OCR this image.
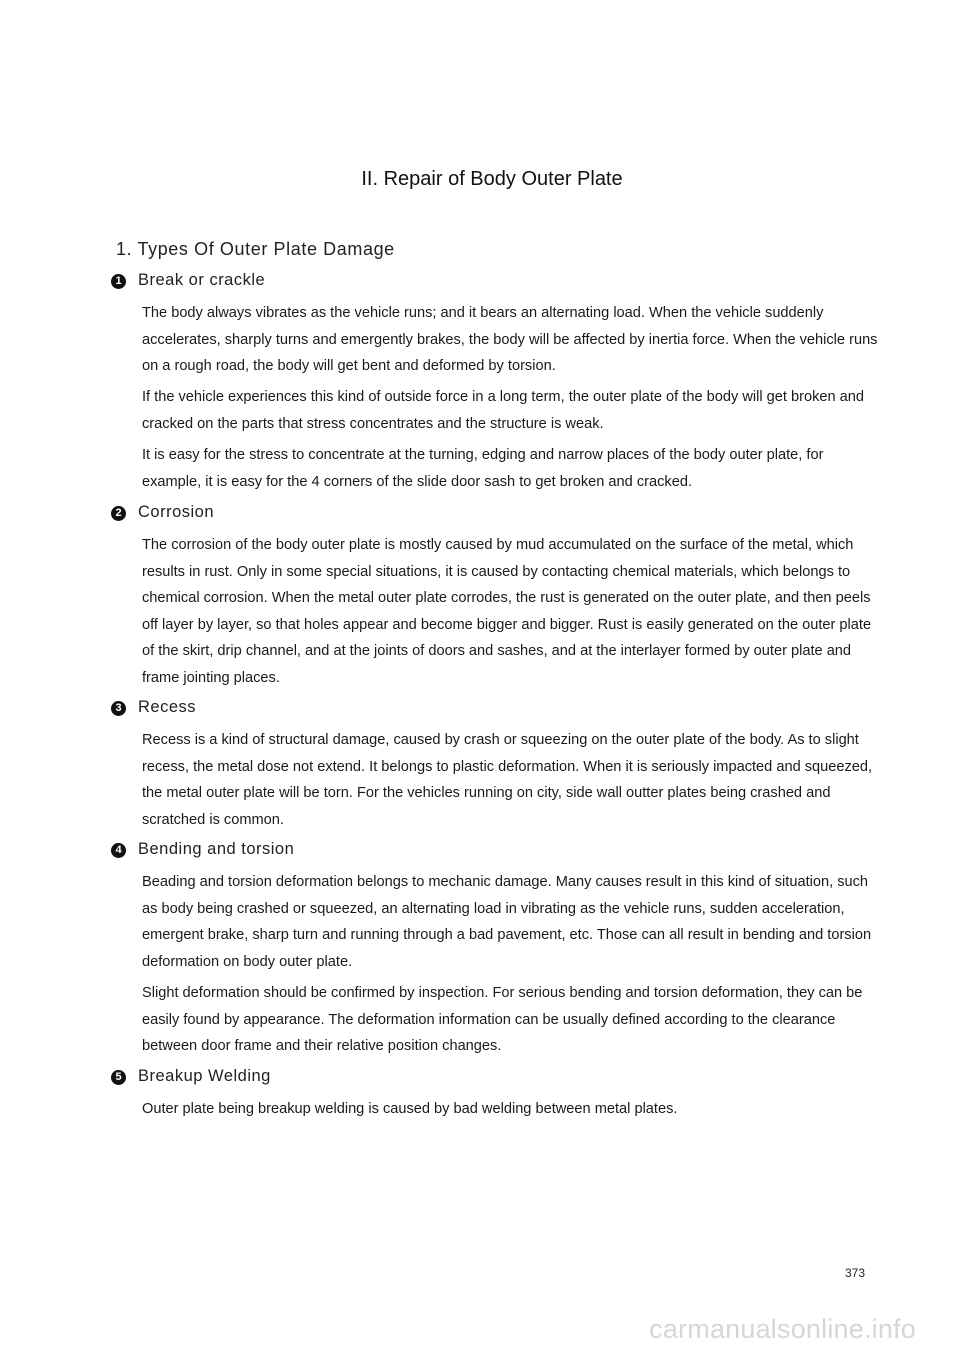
II. Repair of Body Outer Plate
1. Types Of Outer Plate Damage
1 Break or crackle
The body always vibrates as the vehicle runs; and it bears an alternating load. When the vehicle suddenly accelerates, sharply turns and emergently brakes, the body will be affected by inertia force. When the vehicle runs on a rough road, the body will get bent and deformed by torsion.
If the vehicle experiences this kind of outside force in a long term, the outer plate of the body will get broken and cracked on the parts that stress concentrates and the structure is weak.
It is easy for the stress to concentrate at the turning, edging and narrow places of the body outer plate, for example, it is easy for the 4 corners of the slide door sash to get broken and cracked.
2 Corrosion
The corrosion of the body outer plate is mostly caused by mud accumulated on the surface of the metal, which results in rust. Only in some special situations, it is caused by contacting chemical materials, which belongs to chemical corrosion. When the metal outer plate corrodes, the rust is generated on the outer plate, and then peels off layer by layer, so that holes appear and become bigger and bigger. Rust is easily generated on the outer plate of the skirt, drip channel, and at the joints of doors and sashes, and at the interlayer formed by outer plate and frame jointing places.
3 Recess
Recess is a kind of structural damage, caused by crash or squeezing on the outer plate of the body. As to slight recess, the metal dose not extend. It belongs to plastic deformation. When it is seriously impacted and squeezed, the metal outer plate will be torn. For the vehicles running on city, side wall outter plates being crashed and scratched is common.
4 Bending and torsion
Beading and torsion deformation belongs to mechanic damage. Many causes result in this kind of situation, such as body being crashed or squeezed, an alternating load in vibrating as the vehicle runs, sudden acceleration, emergent brake, sharp turn and running through a bad pavement, etc. Those can all result in bending and torsion deformation on body outer plate.
Slight deformation should be confirmed by inspection. For serious bending and torsion deformation, they can be easily found by appearance. The deformation information can be usually defined according to the clearance between door frame and their relative position changes.
5 Breakup Welding
Outer plate being breakup welding is caused by bad welding between metal plates.
373
carmanualsonline.info
